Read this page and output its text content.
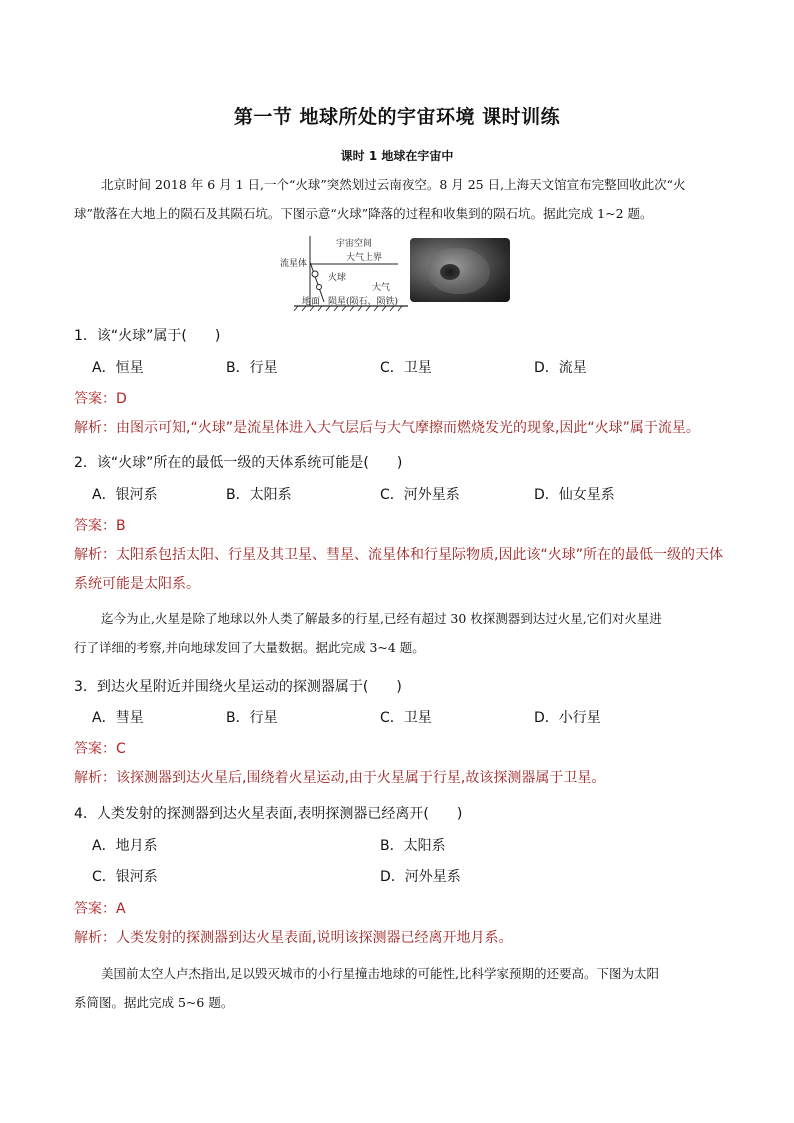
第一节 地球所处的宇宙环境 课时训练
课时 1 地球在宇宙中
北京时间 2018 年 6 月 1 日,一个“火球”突然划过云南夜空。8 月 25 日,上海天文馆宣布完整回收此次“火
球”散落在大地上的陨石及其陨石坑。下图示意“火球”降落的过程和收集到的陨石坑。据此完成 1~2 题。
宇宙空间
大气上界
流星体
火球
大气
地面 陨星(陨石、陨铁)
1．该“火球”属于(　　)
A．恒星	B．行星	C．卫星	D．流星
答案：D
解析：由图示可知,“火球”是流星体进入大气层后与大气摩擦而燃烧发光的现象,因此“火球”属于流星。
2．该“火球”所在的最低一级的天体系统可能是(　　)
A．银河系	B．太阳系	C．河外星系	D．仙女星系
答案：B
解析：太阳系包括太阳、行星及其卫星、彗星、流星体和行星际物质,因此该“火球”所在的最低一级的天体
系统可能是太阳系。
迄今为止,火星是除了地球以外人类了解最多的行星,已经有超过 30 枚探测器到达过火星,它们对火星进
行了详细的考察,并向地球发回了大量数据。据此完成 3~4 题。
3．到达火星附近并围绕火星运动的探测器属于(　　)
A．彗星	B．行星	C．卫星	D．小行星
答案：C
解析：该探测器到达火星后,围绕着火星运动,由于火星属于行星,故该探测器属于卫星。
4．人类发射的探测器到达火星表面,表明探测器已经离开(　　)
A．地月系	B．太阳系
C．银河系	D．河外星系
答案：A
解析：人类发射的探测器到达火星表面,说明该探测器已经离开地月系。
美国前太空人卢杰指出,足以毁灭城市的小行星撞击地球的可能性,比科学家预期的还要高。下图为太阳
系简图。据此完成 5~6 题。
